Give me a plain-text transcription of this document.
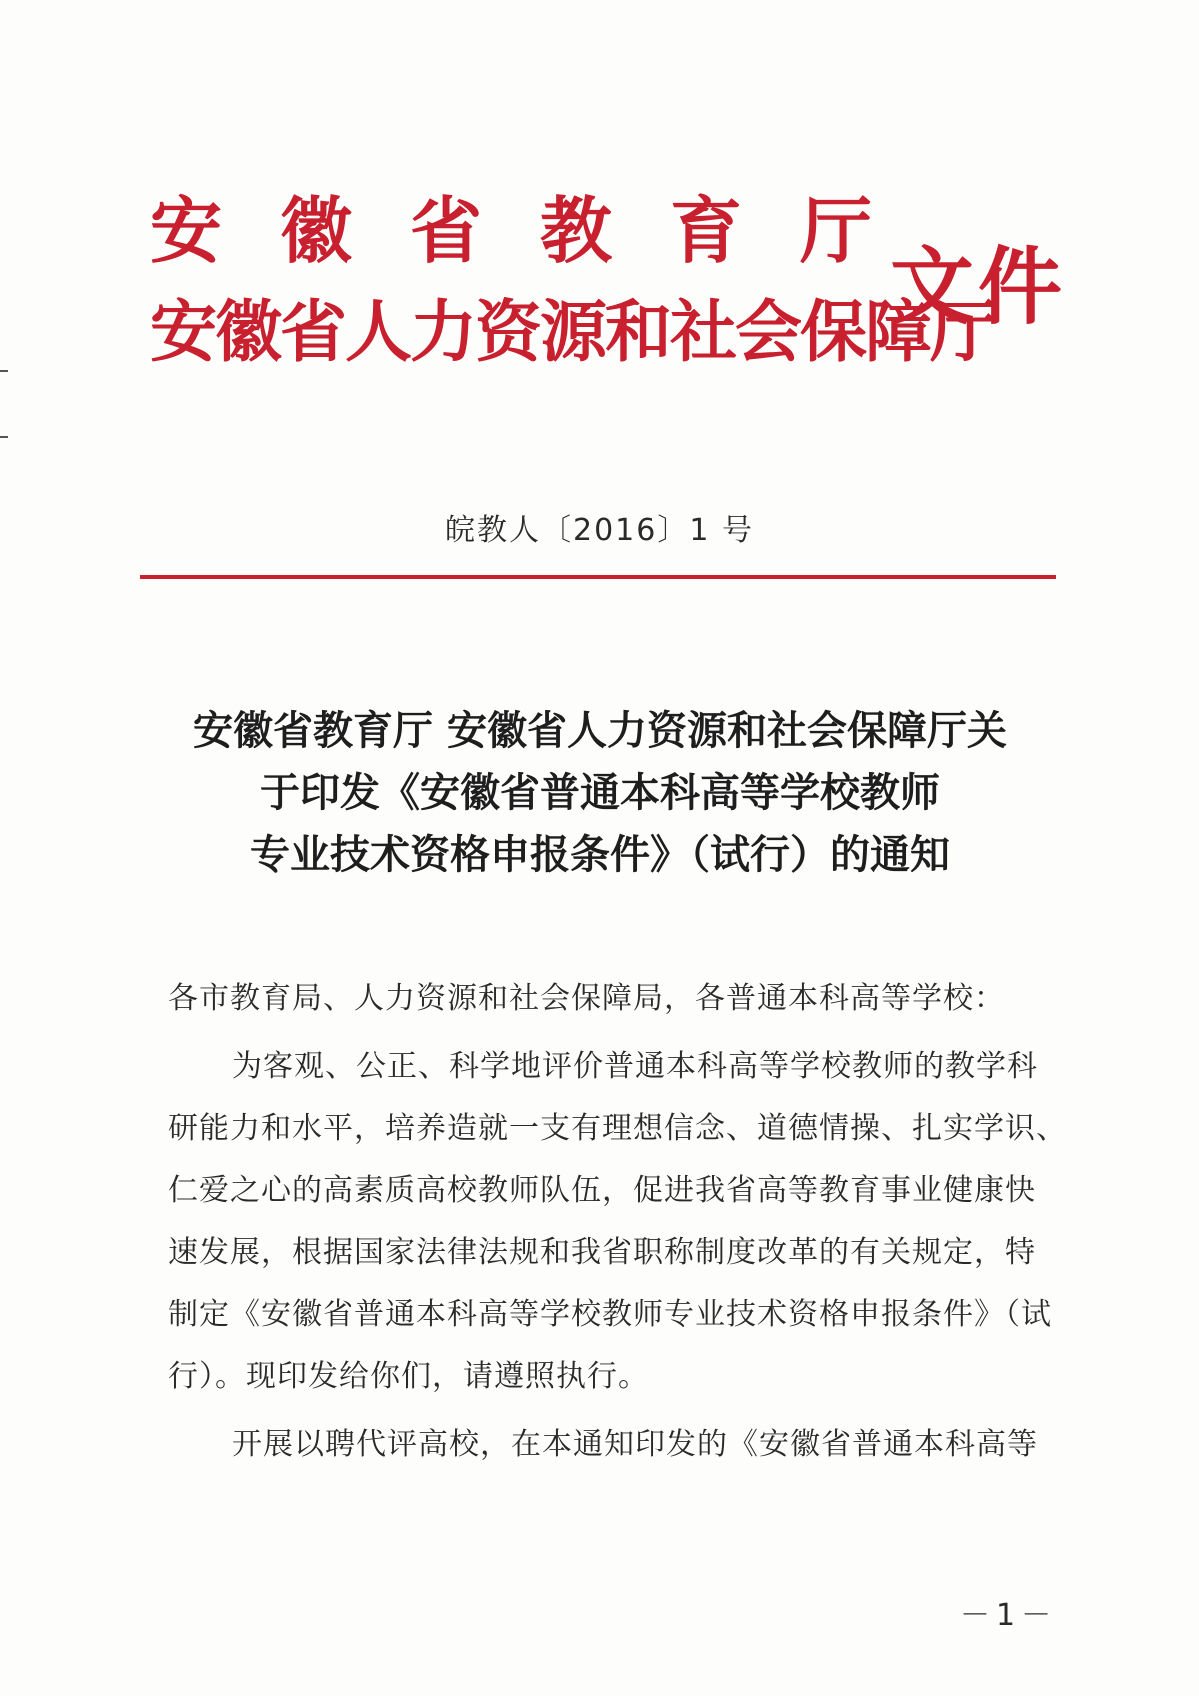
安徽省教育厅
安徽省人力资源和社会保障厅
文件
皖教人〔2016〕1 号
安徽省教育厅 安徽省人力资源和社会保障厅关
于印发《安徽省普通本科高等学校教师
专业技术资格申报条件》（试行）的通知

各市教育局、人力资源和社会保障局，各普通本科高等学校：

为客观、公正、科学地评价普通本科高等学校教师的教学科

研能力和水平，培养造就一支有理想信念、道德情操、扎实学识、

仁爱之心的高素质高校教师队伍，促进我省高等教育事业健康快

速发展，根据国家法律法规和我省职称制度改革的有关规定，特

制定《安徽省普通本科高等学校教师专业技术资格申报条件》（试

行）。现印发给你们，请遵照执行。

开展以聘代评高校，在本通知印发的《安徽省普通本科高等

－1－
